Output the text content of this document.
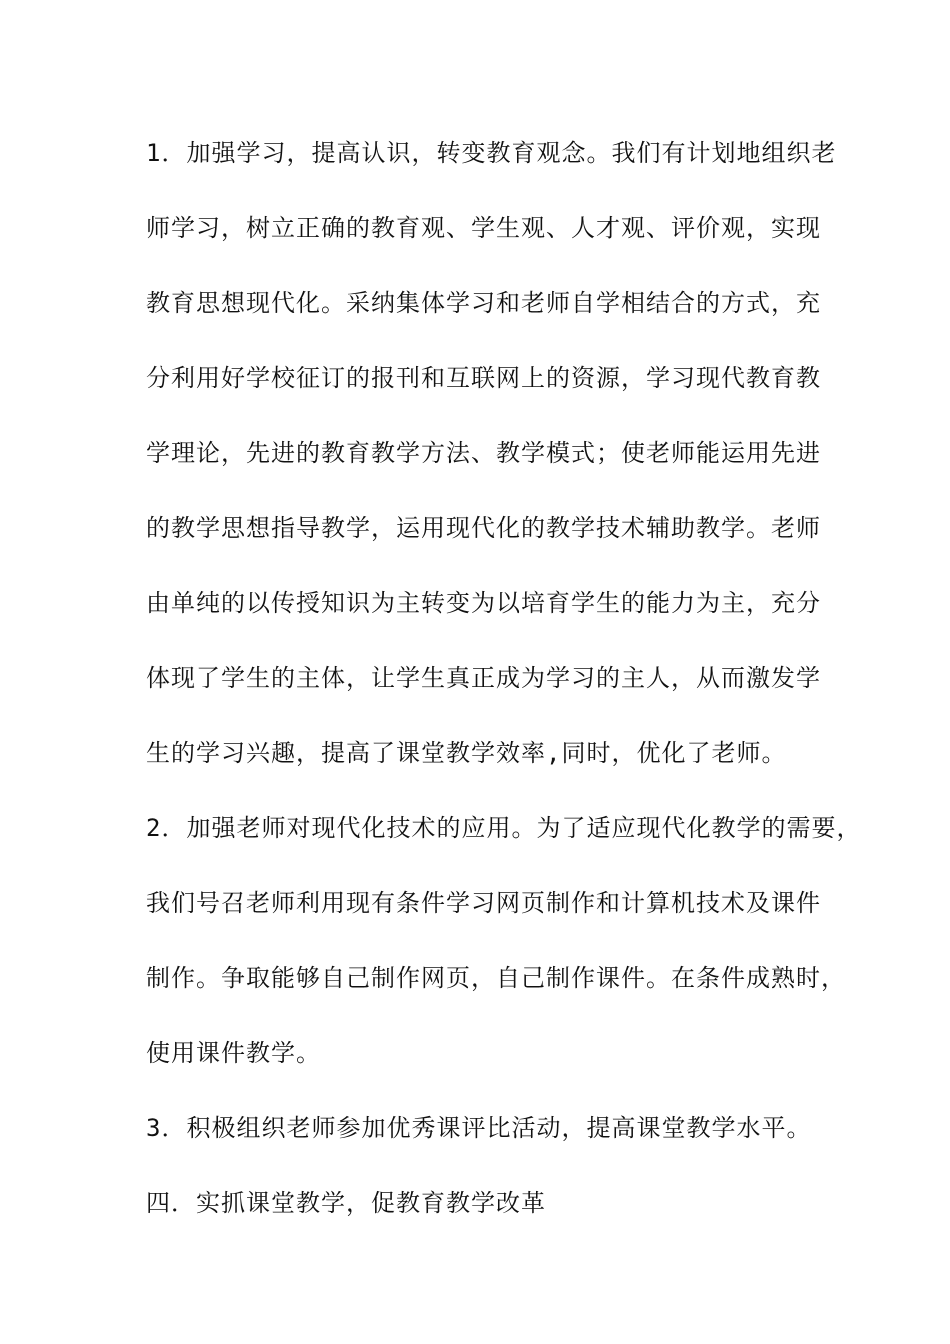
1．加强学习，提高认识，转变教育观念。我们有计划地组织老
师学习，树立正确的教育观、学生观、人才观、评价观，实现
教育思想现代化。采纳集体学习和老师自学相结合的方式，充
分利用好学校征订的报刊和互联网上的资源，学习现代教育教
学理论，先进的教育教学方法、教学模式；使老师能运用先进
的教学思想指导教学，运用现代化的教学技术辅助教学。老师
由单纯的以传授知识为主转变为以培育学生的能力为主，充分
体现了学生的主体，让学生真正成为学习的主人，从而激发学
生的学习兴趣，提高了课堂教学效率,同时，优化了老师。
2．加强老师对现代化技术的应用。为了适应现代化教学的需要，
我们号召老师利用现有条件学习网页制作和计算机技术及课件
制作。争取能够自己制作网页，自己制作课件。在条件成熟时，
使用课件教学。
3．积极组织老师参加优秀课评比活动，提高课堂教学水平。
四．实抓课堂教学，促教育教学改革
